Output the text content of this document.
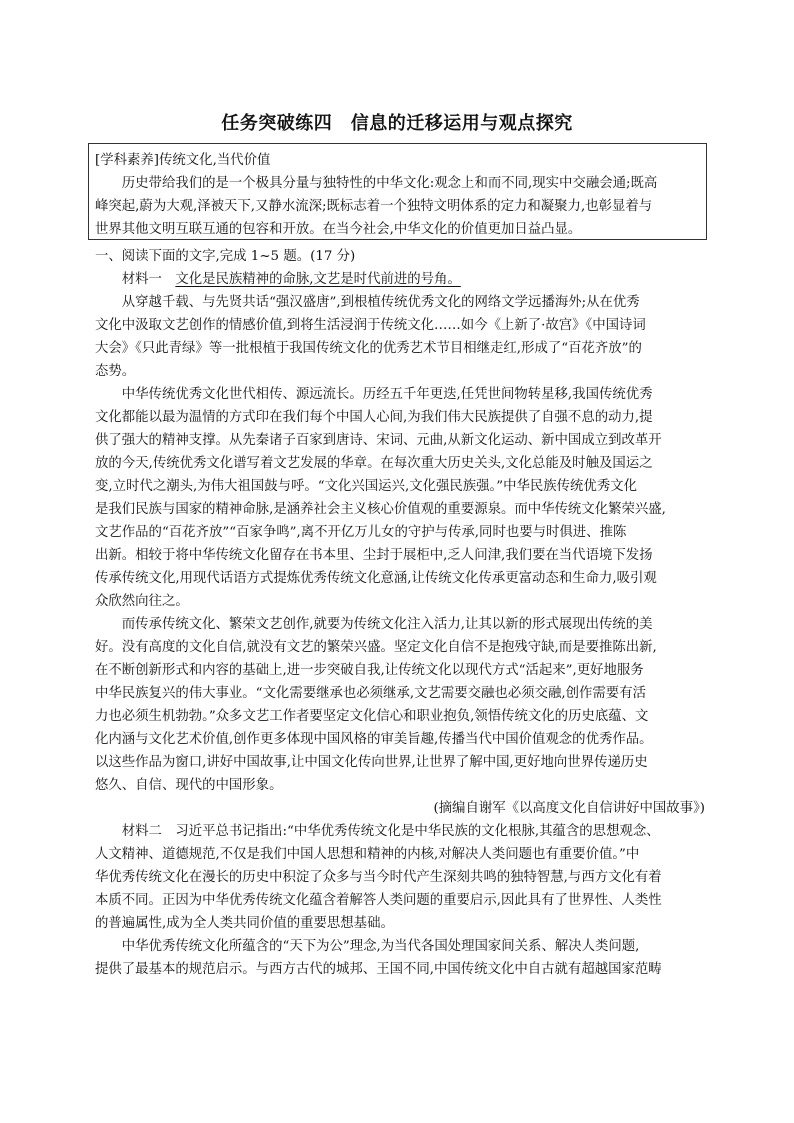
任务突破练四　信息的迁移运用与观点探究
[学科素养]传统文化,当代价值
　　历史带给我们的是一个极具分量与独特性的中华文化:观念上和而不同,现实中交融会通;既高
峰突起,蔚为大观,泽被天下,又静水流深;既标志着一个独特文明体系的定力和凝聚力,也彰显着与
世界其他文明互联互通的包容和开放。在当今社会,中华文化的价值更加日益凸显。
一、阅读下面的文字,完成 1~5 题。(17 分)
　　材料一　文化是民族精神的命脉,文艺是时代前进的号角。
　　从穿越千载、与先贤共话“强汉盛唐”,到根植传统优秀文化的网络文学远播海外;从在优秀
文化中汲取文艺创作的情感价值,到将生活浸润于传统文化……如今《上新了·故宫》《中国诗词
大会》《只此青绿》等一批根植于我国传统文化的优秀艺术节目相继走红,形成了“百花齐放”的
态势。
　　中华传统优秀文化世代相传、源远流长。历经五千年更迭,任凭世间物转星移,我国传统优秀
文化都能以最为温情的方式印在我们每个中国人心间,为我们伟大民族提供了自强不息的动力,提
供了强大的精神支撑。从先秦诸子百家到唐诗、宋词、元曲,从新文化运动、新中国成立到改革开
放的今天,传统优秀文化谱写着文艺发展的华章。在每次重大历史关头,文化总能及时触及国运之
变,立时代之潮头,为伟大祖国鼓与呼。“文化兴国运兴,文化强民族强。”中华民族传统优秀文化
是我们民族与国家的精神命脉,是涵养社会主义核心价值观的重要源泉。而中华传统文化繁荣兴盛,
文艺作品的“百花齐放”“百家争鸣”,离不开亿万儿女的守护与传承,同时也要与时俱进、推陈
出新。相较于将中华传统文化留存在书本里、尘封于展柜中,乏人问津,我们要在当代语境下发扬
传承传统文化,用现代话语方式提炼优秀传统文化意涵,让传统文化传承更富动态和生命力,吸引观
众欣然向往之。
　　而传承传统文化、繁荣文艺创作,就要为传统文化注入活力,让其以新的形式展现出传统的美
好。没有高度的文化自信,就没有文艺的繁荣兴盛。坚定文化自信不是抱残守缺,而是要推陈出新,
在不断创新形式和内容的基础上,进一步突破自我,让传统文化以现代方式“活起来”,更好地服务
中华民族复兴的伟大事业。“文化需要继承也必须继承,文艺需要交融也必须交融,创作需要有活
力也必须生机勃勃。”众多文艺工作者要坚定文化信心和职业抱负,领悟传统文化的历史底蕴、文
化内涵与文化艺术价值,创作更多体现中国风格的审美旨趣,传播当代中国价值观念的优秀作品。
以这些作品为窗口,讲好中国故事,让中国文化传向世界,让世界了解中国,更好地向世界传递历史
悠久、自信、现代的中国形象。
(摘编自谢军《以高度文化自信讲好中国故事》)
　　材料二　习近平总书记指出:“中华优秀传统文化是中华民族的文化根脉,其蕴含的思想观念、
人文精神、道德规范,不仅是我们中国人思想和精神的内核,对解决人类问题也有重要价值。”中
华优秀传统文化在漫长的历史中积淀了众多与当今时代产生深刻共鸣的独特智慧,与西方文化有着
本质不同。正因为中华优秀传统文化蕴含着解答人类问题的重要启示,因此具有了世界性、人类性
的普遍属性,成为全人类共同价值的重要思想基础。
　　中华优秀传统文化所蕴含的“天下为公”理念,为当代各国处理国家间关系、解决人类问题,
提供了最基本的规范启示。与西方古代的城邦、王国不同,中国传统文化中自古就有超越国家范畴
